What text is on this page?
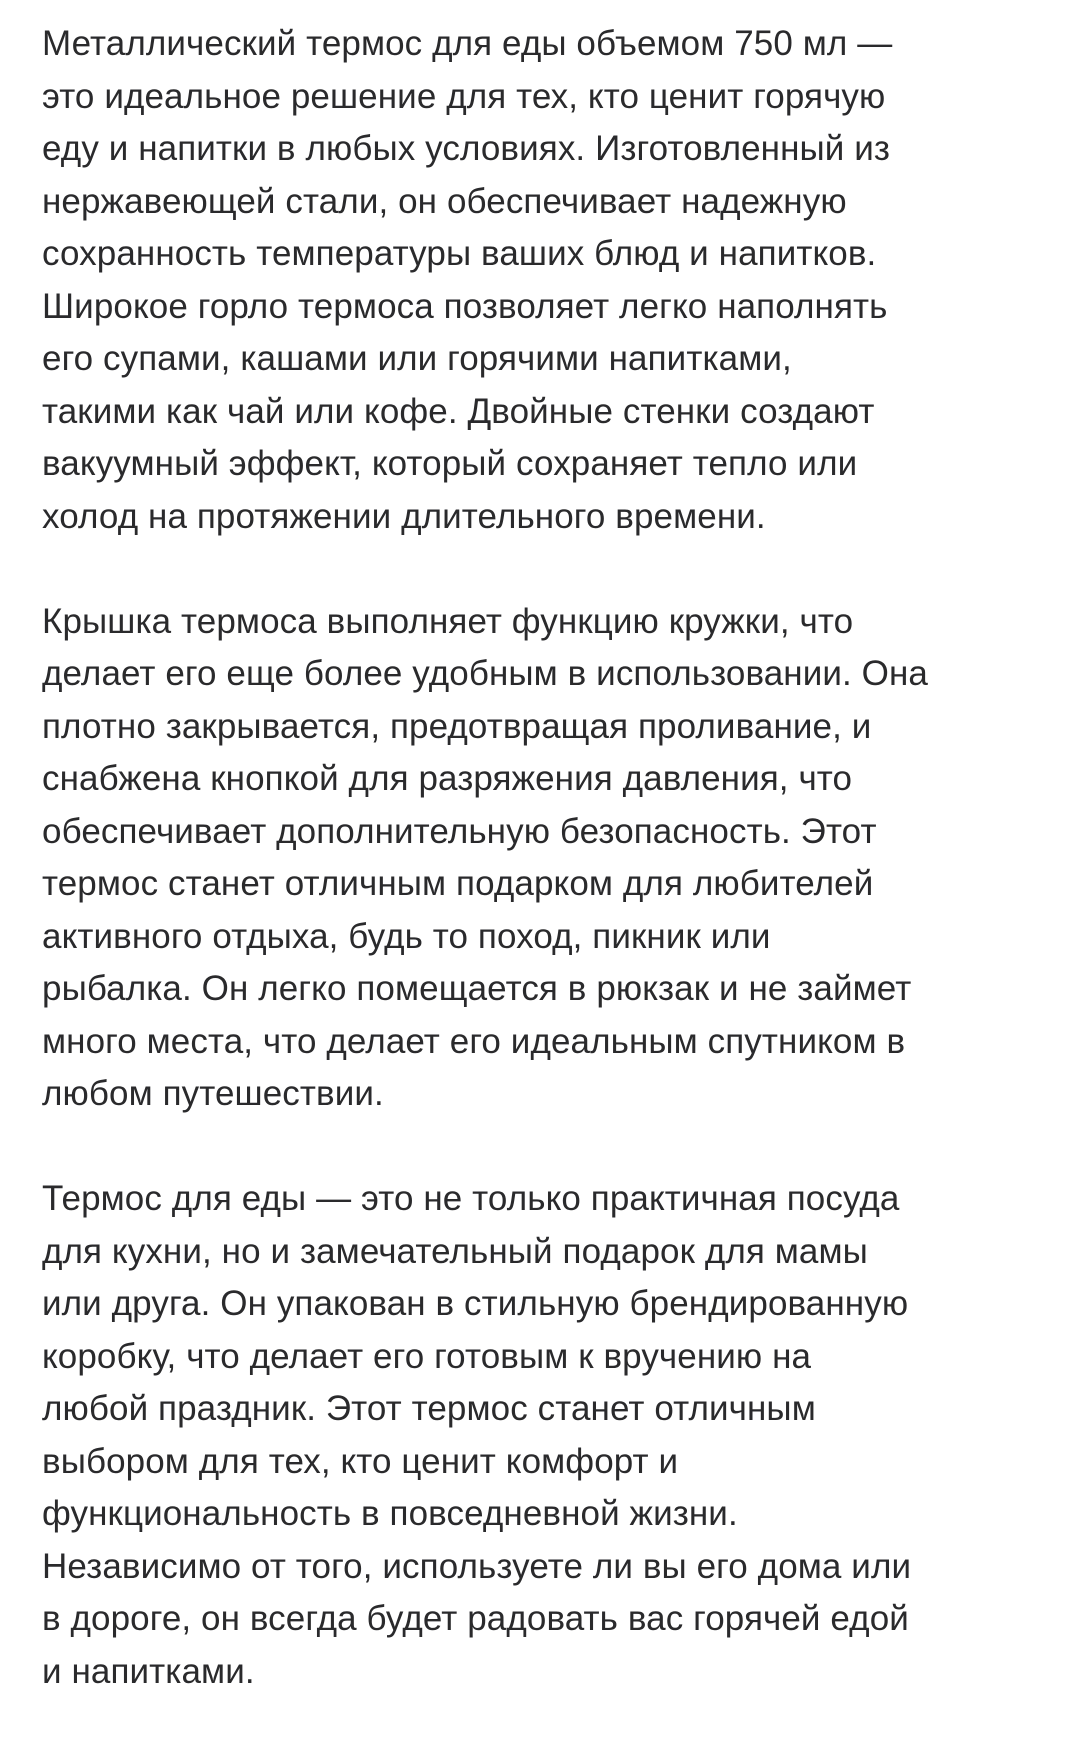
Металлический термос для еды объемом 750 мл —
это идеальное решение для тех, кто ценит горячую
еду и напитки в любых условиях. Изготовленный из
нержавеющей стали, он обеспечивает надежную
сохранность температуры ваших блюд и напитков.
Широкое горло термоса позволяет легко наполнять
его супами, кашами или горячими напитками,
такими как чай или кофе. Двойные стенки создают
вакуумный эффект, который сохраняет тепло или
холод на протяжении длительного времени.

Крышка термоса выполняет функцию кружки, что
делает его еще более удобным в использовании. Она
плотно закрывается, предотвращая проливание, и
снабжена кнопкой для разряжения давления, что
обеспечивает дополнительную безопасность. Этот
термос станет отличным подарком для любителей
активного отдыха, будь то поход, пикник или
рыбалка. Он легко помещается в рюкзак и не займет
много места, что делает его идеальным спутником в
любом путешествии.

Термос для еды — это не только практичная посуда
для кухни, но и замечательный подарок для мамы
или друга. Он упакован в стильную брендированную
коробку, что делает его готовым к вручению на
любой праздник. Этот термос станет отличным
выбором для тех, кто ценит комфорт и
функциональность в повседневной жизни.
Независимо от того, используете ли вы его дома или
в дороге, он всегда будет радовать вас горячей едой
и напитками.
